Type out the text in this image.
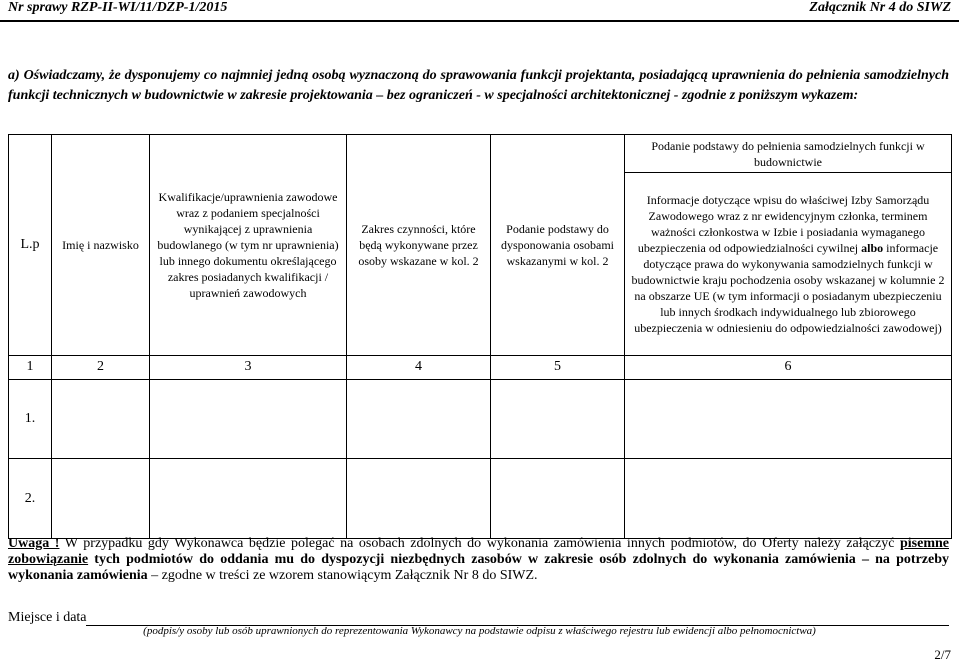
Nr sprawy RZP-II-WI/11/DZP-1/2015	Załącznik Nr 4 do SIWZ
a) Oświadczamy, że dysponujemy co najmniej jedną osobą wyznaczoną do sprawowania funkcji projektanta, posiadającą uprawnienia do pełnienia samodzielnych funkcji technicznych w budownictwie w zakresie projektowania – bez ograniczeń - w specjalności architektonicznej - zgodnie z poniższym wykazem:
L.p	Imię i nazwisko	Kwalifikacje/uprawnienia zawodowe wraz z podaniem specjalności wynikającej z uprawnienia budowlanego (w tym nr uprawnienia) lub innego dokumentu określającego zakres posiadanych kwalifikacji / uprawnień zawodowych	Zakres czynności, które będą wykonywane przez osoby wskazane w kol. 2	Podanie podstawy do dysponowania osobami wskazanymi w kol. 2	Podanie podstawy do pełnienia samodzielnych funkcji w budownictwie
					Informacje dotyczące wpisu do właściwej Izby Samorządu Zawodowego wraz z nr ewidencyjnym członka, terminem ważności członkostwa w Izbie i posiadania wymaganego ubezpieczenia od odpowiedzialności cywilnej albo informacje dotyczące prawa do wykonywania samodzielnych funkcji w budownictwie kraju pochodzenia osoby wskazanej w kolumnie 2 na obszarze UE (w tym informacji o posiadanym ubezpieczeniu lub innych środkach indywidualnego lub zbiorowego ubezpieczenia w odniesieniu do odpowiedzialności zawodowej)
1	2	3	4	5	6
1.					
2.					
Uwaga ! W przypadku gdy Wykonawca będzie polegać na osobach zdolnych do wykonania zamówienia innych podmiotów, do Oferty należy załączyć pisemne zobowiązanie tych podmiotów do oddania mu do dyspozycji niezbędnych zasobów w zakresie osób zdolnych do wykonania zamówienia – na potrzeby wykonania zamówienia – zgodne w treści ze wzorem stanowiącym Załącznik Nr 8 do SIWZ.
Miejsce i data
(podpis/y osoby lub osób uprawnionych do reprezentowania Wykonawcy na podstawie odpisu z właściwego rejestru lub ewidencji albo pełnomocnictwa)
2/7
